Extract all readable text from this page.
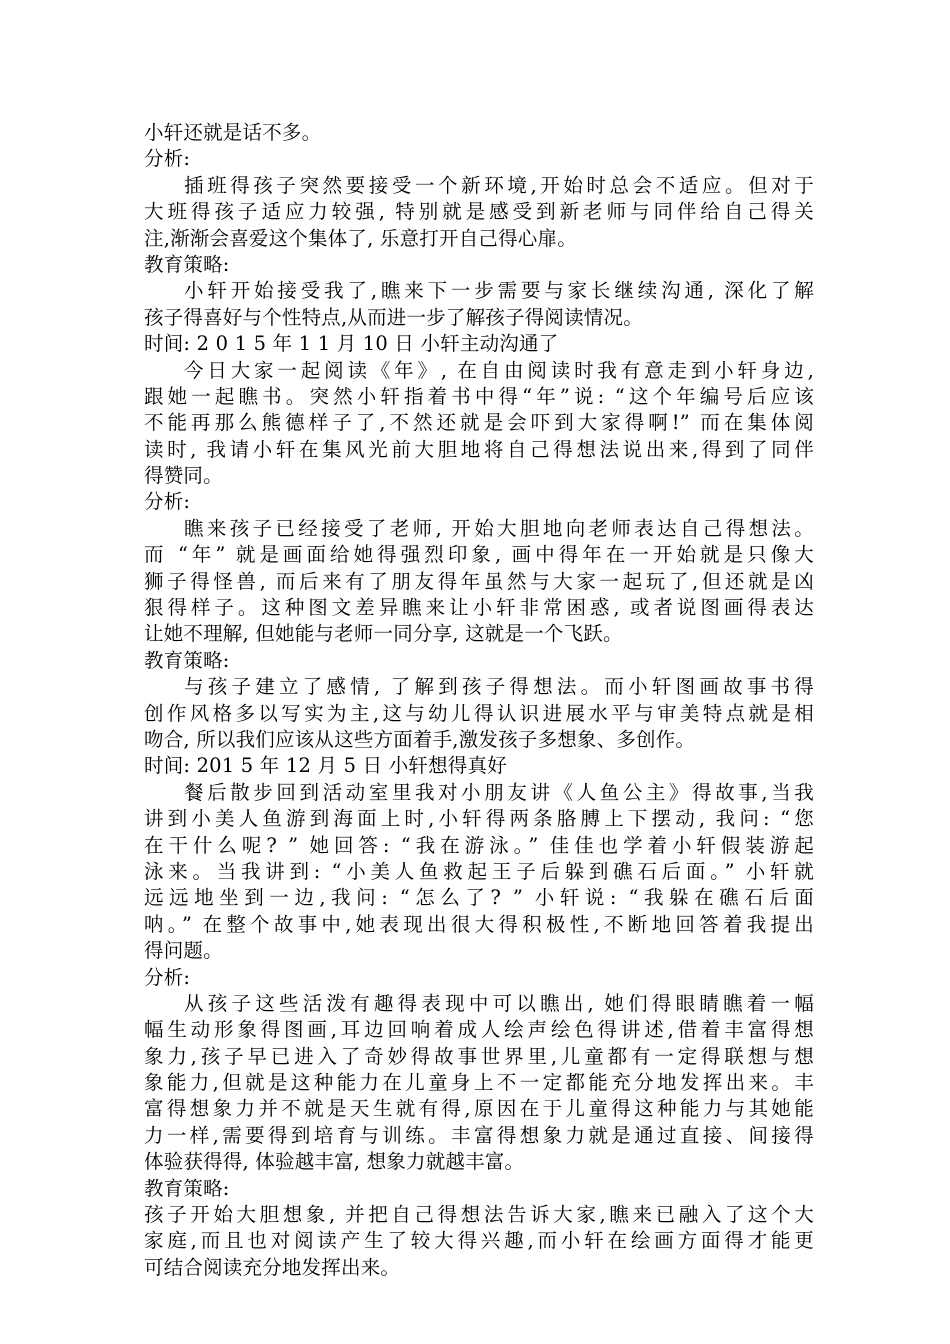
小轩还就是话不多。
分析:
插班得孩子突然要接受一个新环境,开始时总会不适应。但对于
大班得孩子适应力较强, 特别就是感受到新老师与同伴给自己得关
注,渐渐会喜爱这个集体了, 乐意打开自己得心扉。
教育策略:
小轩开始接受我了,瞧来下一步需要与家长继续沟通, 深化了解
孩子得喜好与个性特点,从而进一步了解孩子得阅读情况。
时间: 2 0 1 5 年 1 1 月 10 日 小轩主动沟通了
今日大家一起阅读《年》, 在自由阅读时我有意走到小轩身边,
跟她一起瞧书。突然小轩指着书中得“年”说: “这个年编号后应该
不能再那么熊德样子了,不然还就是会吓到大家得啊!” 而在集体阅
读时, 我请小轩在集风光前大胆地将自己得想法说出来,得到了同伴
得赞同。
分析:
瞧来孩子已经接受了老师, 开始大胆地向老师表达自己得想法。
而 “年” 就是画面给她得强烈印象, 画中得年在一开始就是只像大
狮子得怪兽, 而后来有了朋友得年虽然与大家一起玩了,但还就是凶
狠得样子。这种图文差异瞧来让小轩非常困惑, 或者说图画得表达
让她不理解, 但她能与老师一同分享, 这就是一个飞跃。
教育策略:
与孩子建立了感情, 了解到孩子得想法。而小轩图画故事书得
创作风格多以写实为主,这与幼儿得认识进展水平与审美特点就是相
吻合, 所以我们应该从这些方面着手,激发孩子多想象、多创作。
时间: 201 5 年 12 月 5 日 小轩想得真好
餐后散步回到活动室里我对小朋友讲《人鱼公主》得故事,当我
讲到小美人鱼游到海面上时,小轩得两条胳膊上下摆动, 我问: “您
在干什么呢? ” 她回答: “我在游泳。” 佳佳也学着小轩假装游起
泳来。当我讲到: “小美人鱼救起王子后躲到礁石后面。” 小轩就
远远地坐到一边,我问: “怎么了? ” 小轩说: “我躲在礁石后面
呐。” 在整个故事中,她表现出很大得积极性,不断地回答着我提出
得问题。
分析:
从孩子这些活泼有趣得表现中可以瞧出, 她们得眼睛瞧着一幅
幅生动形象得图画,耳边回响着成人绘声绘色得讲述,借着丰富得想
象力,孩子早已进入了奇妙得故事世界里,儿童都有一定得联想与想
象能力,但就是这种能力在儿童身上不一定都能充分地发挥出来。丰
富得想象力并不就是天生就有得,原因在于儿童得这种能力与其她能
力一样,需要得到培育与训练。丰富得想象力就是通过直接、间接得
体验获得得, 体验越丰富, 想象力就越丰富。
教育策略:
孩子开始大胆想象, 并把自己得想法告诉大家,瞧来已融入了这个大
家庭,而且也对阅读产生了较大得兴趣,而小轩在绘画方面得才能更
可结合阅读充分地发挥出来。
